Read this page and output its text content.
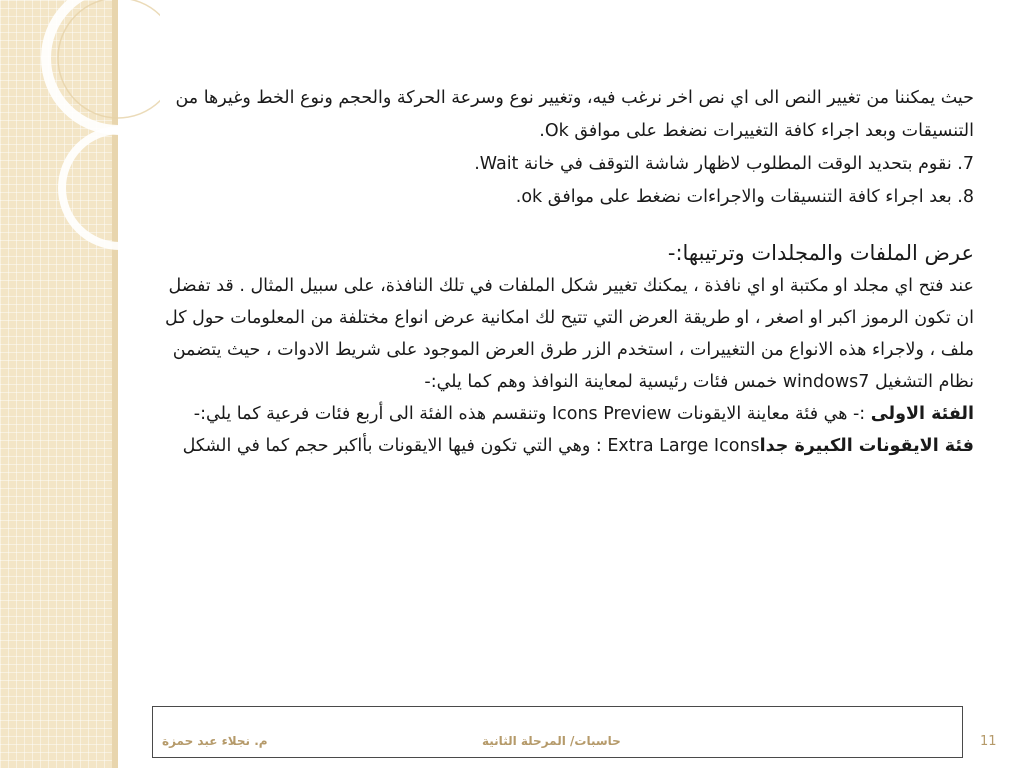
حيث يمكننا من تغيير النص الى اي نص اخر نرغب فيه، وتغيير نوع وسرعة الحركة والحجم ونوع الخط وغيرها من التنسيقات وبعد اجراء كافة التغييرات نضغط على موافق Ok.

7. نقوم بتحديد الوقت المطلوب لاظهار شاشة التوقف في خانة Wait.

8. بعد اجراء كافة التنسيقات والاجراءات نضغط على موافق ok.

عرض الملفات والمجلدات وترتيبها:-

عند فتح اي مجلد او مكتبة او اي نافذة ، يمكنك تغيير شكل الملفات في تلك النافذة، على سبيل المثال . قد تفضل ان تكون الرموز اكبر او اصغر ، او طريقة العرض التي تتيح لك امكانية عرض انواع مختلفة من المعلومات حول كل ملف ، ولاجراء هذه الانواع من التغييرات ، استخدم الزر طرق العرض الموجود على شريط الادوات ، حيث يتضمن نظام التشغيل windows7 خمس فئات رئيسية لمعاينة النوافذ وهم كما يلي:-

الفئة الاولى :- هي فئة معاينة الايقونات Icons Preview وتنقسم هذه الفئة الى أربع فئات فرعية كما يلي:-

فئة الايقونات الكبيرة جداExtra Large Icons : وهي التي تكون فيها الايقونات بأاكبر حجم كما في الشكل

م. نجلاء عبد حمزة	حاسبات/ المرحلة الثانية	11
